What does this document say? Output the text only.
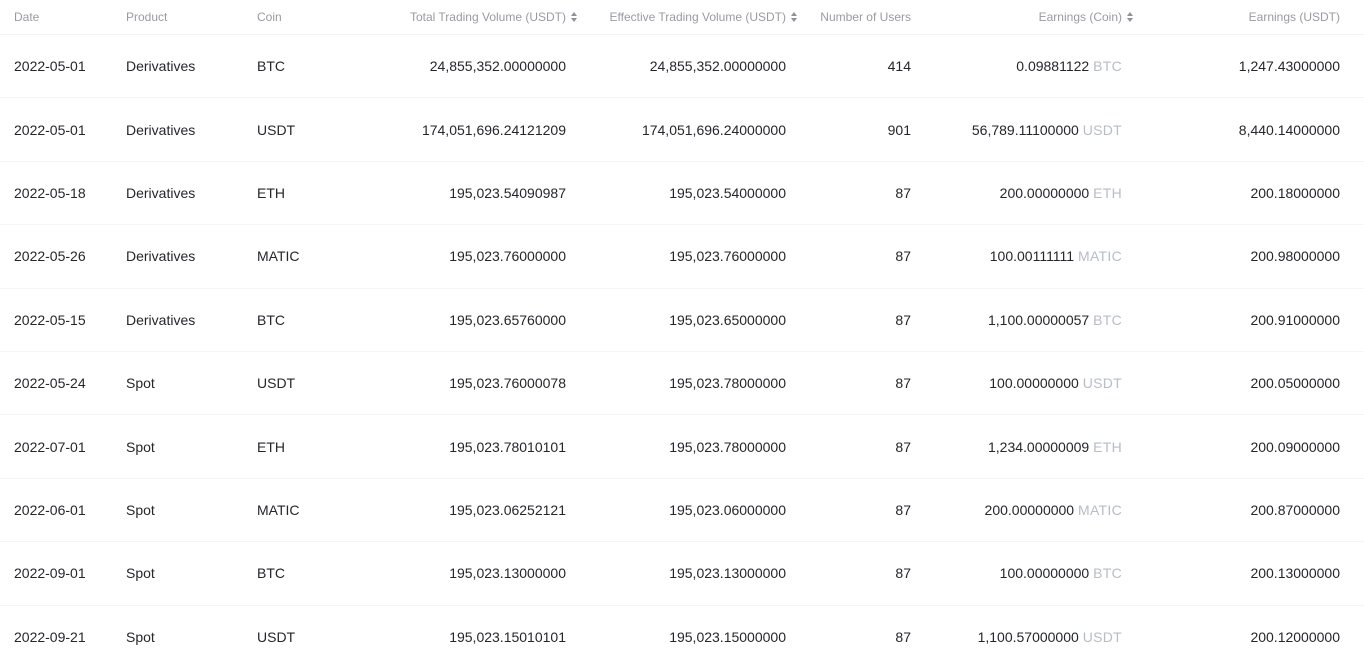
Date	Product	Coin	Total Trading Volume (USDT)	Effective Trading Volume (USDT)	Number of Users	Earnings (Coin)	Earnings (USDT)
2022-05-01	Derivatives	BTC	24,855,352.00000000	24,855,352.00000000	414	0.09881122 BTC	1,247.43000000
2022-05-01	Derivatives	USDT	174,051,696.24121209	174,051,696.24000000	901	56,789.11100000 USDT	8,440.14000000
2022-05-18	Derivatives	ETH	195,023.54090987	195,023.54000000	87	200.00000000 ETH	200.18000000
2022-05-26	Derivatives	MATIC	195,023.76000000	195,023.76000000	87	100.00111111 MATIC	200.98000000
2022-05-15	Derivatives	BTC	195,023.65760000	195,023.65000000	87	1,100.00000057 BTC	200.91000000
2022-05-24	Spot	USDT	195,023.76000078	195,023.78000000	87	100.00000000 USDT	200.05000000
2022-07-01	Spot	ETH	195,023.78010101	195,023.78000000	87	1,234.00000009 ETH	200.09000000
2022-06-01	Spot	MATIC	195,023.06252121	195,023.06000000	87	200.00000000 MATIC	200.87000000
2022-09-01	Spot	BTC	195,023.13000000	195,023.13000000	87	100.00000000 BTC	200.13000000
2022-09-21	Spot	USDT	195,023.15010101	195,023.15000000	87	1,100.57000000 USDT	200.12000000
